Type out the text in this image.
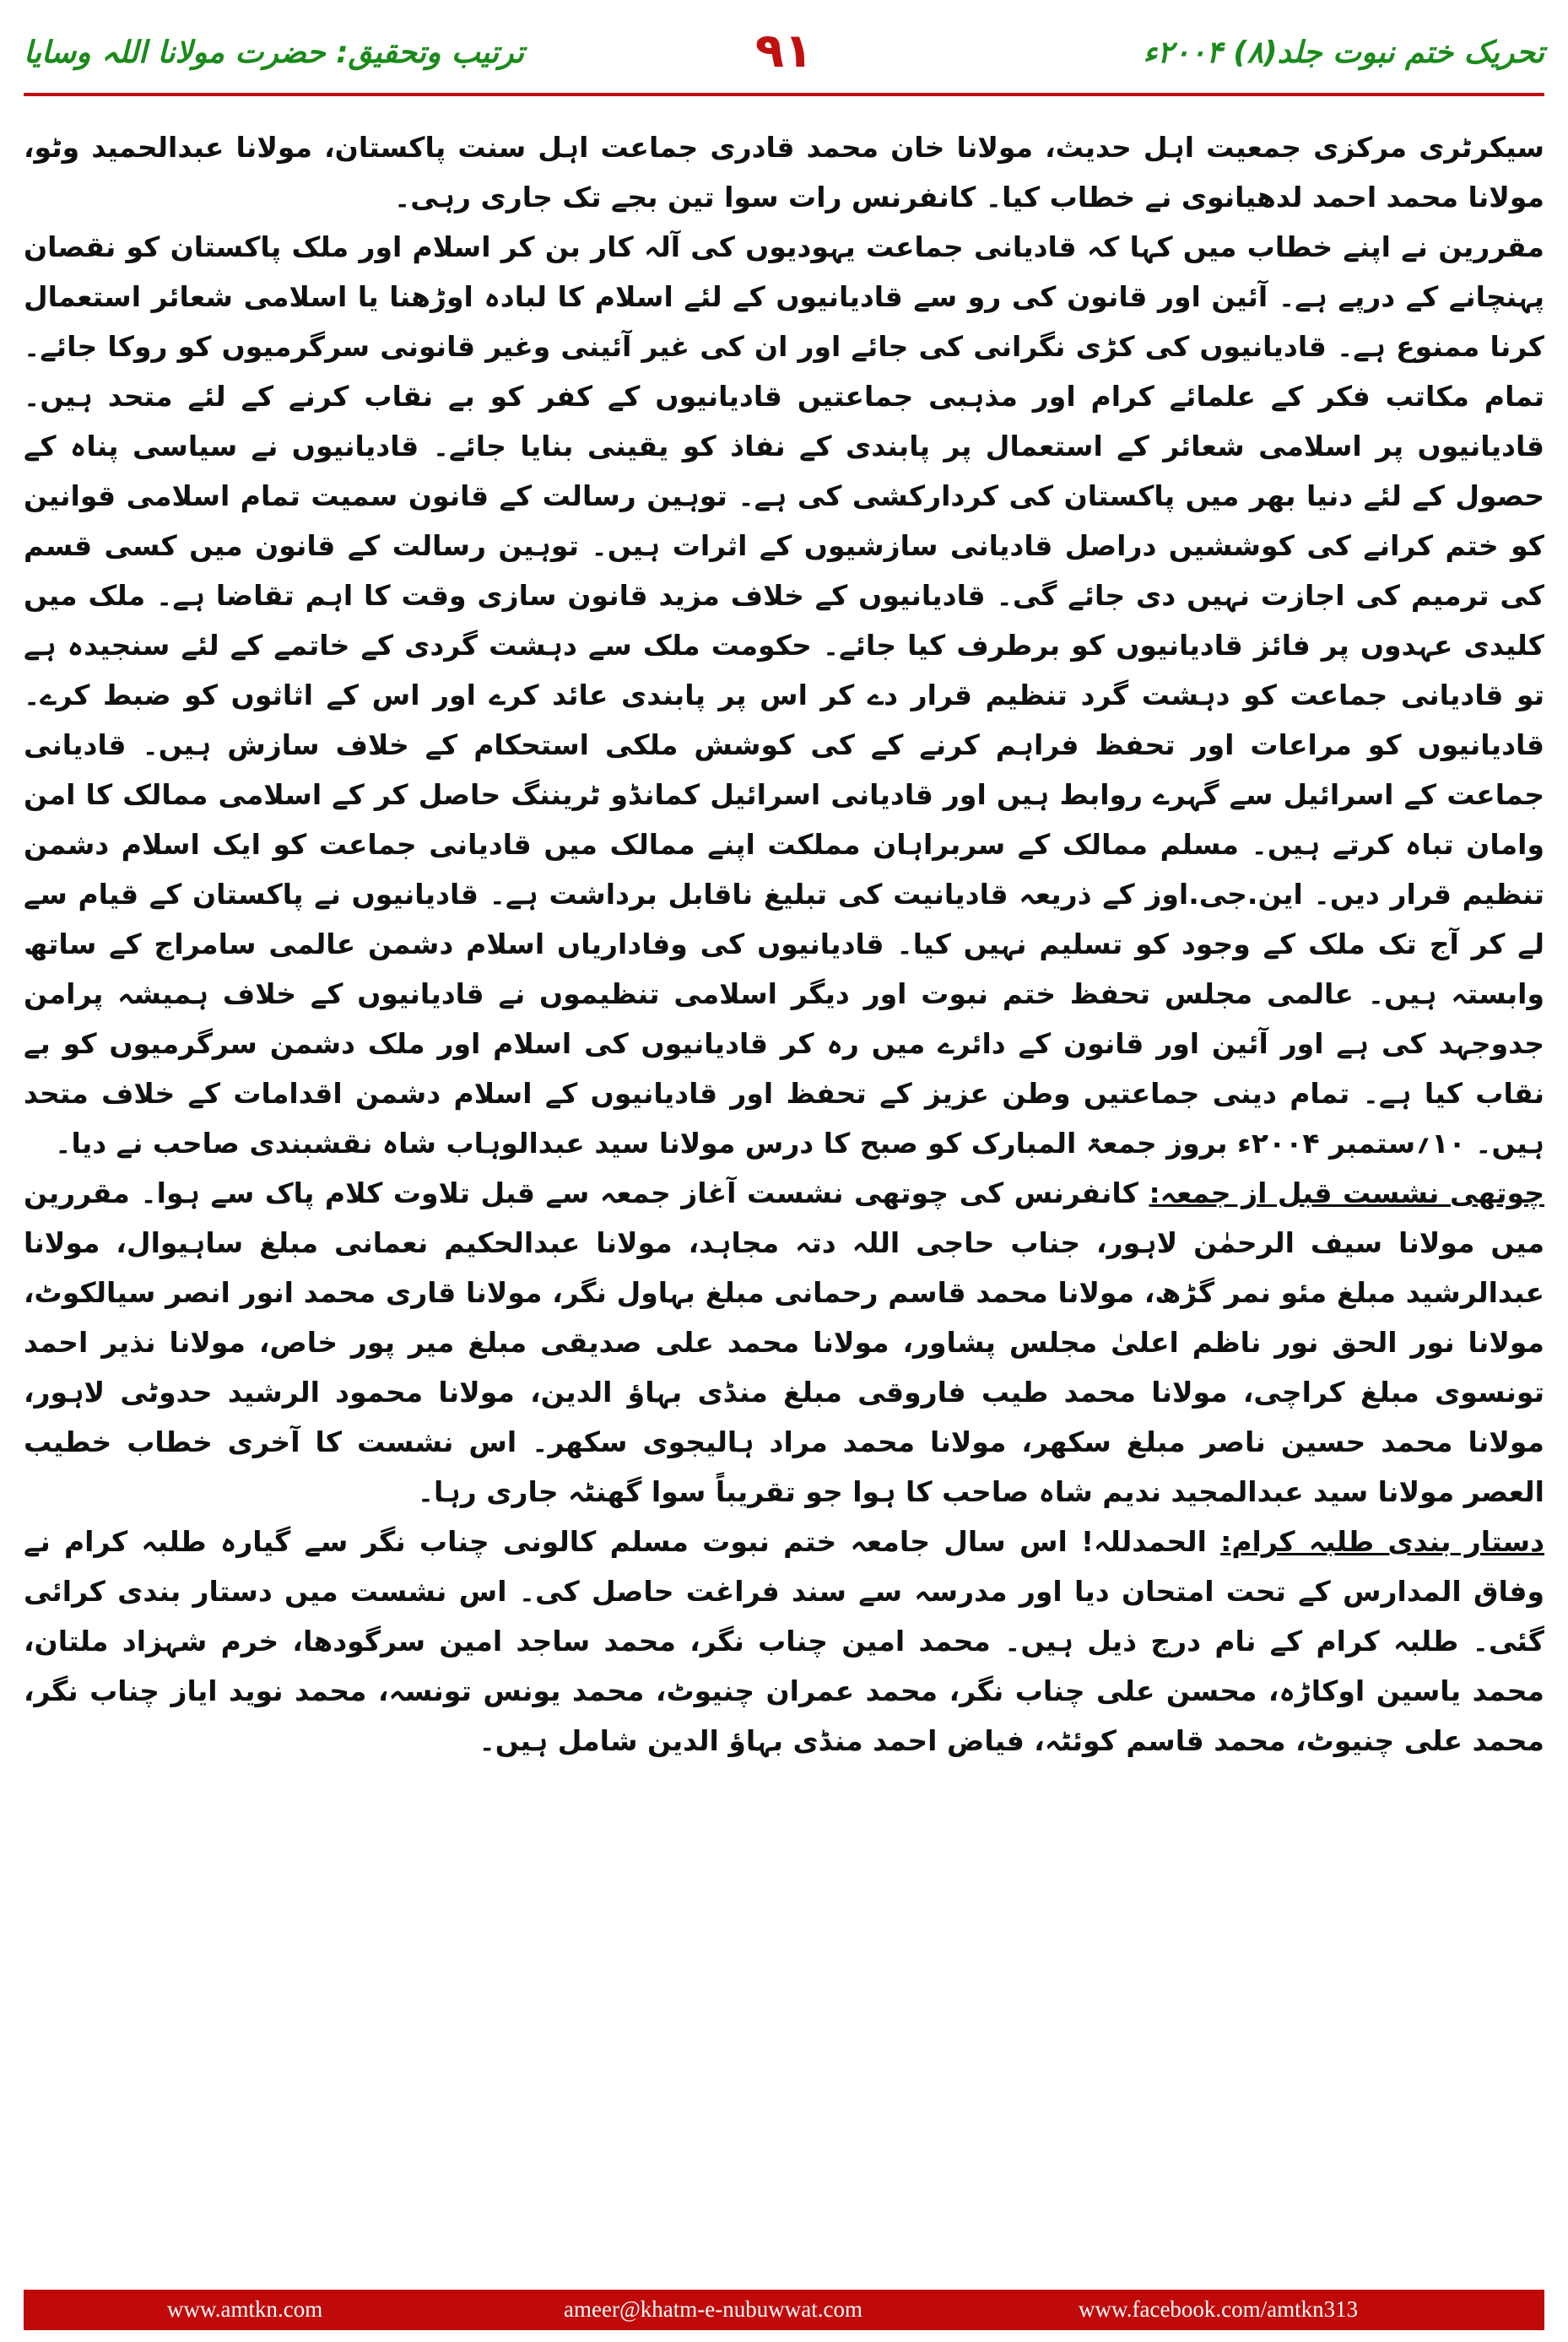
ترتیب وتحقیق: حضرت مولانا اللہ وسایا	۹۱	تحریک ختم نبوت جلد(۸) ۲۰۰۴ء

سیکرٹری مرکزی جمعیت اہل حدیث، مولانا خان محمد قادری جماعت اہل سنت پاکستان، مولانا عبدالحمید وٹو، مولانا محمد احمد لدھیانوی نے خطاب کیا۔ کانفرنس رات سوا تین بجے تک جاری رہی۔

مقررین نے اپنے خطاب میں کہا کہ قادیانی جماعت یہودیوں کی آلہ کار بن کر اسلام اور ملک پاکستان کو نقصان پہنچانے کے درپے ہے۔ آئین اور قانون کی رو سے قادیانیوں کے لئے اسلام کا لبادہ اوڑھنا یا اسلامی شعائر استعمال کرنا ممنوع ہے۔ قادیانیوں کی کڑی نگرانی کی جائے اور ان کی غیر آئینی وغیر قانونی سرگرمیوں کو روکا جائے۔ تمام مکاتب فکر کے علمائے کرام اور مذہبی جماعتیں قادیانیوں کے کفر کو بے نقاب کرنے کے لئے متحد ہیں۔ قادیانیوں پر اسلامی شعائر کے استعمال پر پابندی کے نفاذ کو یقینی بنایا جائے۔ قادیانیوں نے سیاسی پناہ کے حصول کے لئے دنیا بھر میں پاکستان کی کردارکشی کی ہے۔ توہین رسالت کے قانون سمیت تمام اسلامی قوانین کو ختم کرانے کی کوششیں دراصل قادیانی سازشیوں کے اثرات ہیں۔ توہین رسالت کے قانون میں کسی قسم کی ترمیم کی اجازت نہیں دی جائے گی۔ قادیانیوں کے خلاف مزید قانون سازی وقت کا اہم تقاضا ہے۔ ملک میں کلیدی عہدوں پر فائز قادیانیوں کو برطرف کیا جائے۔ حکومت ملک سے دہشت گردی کے خاتمے کے لئے سنجیدہ ہے تو قادیانی جماعت کو دہشت گرد تنظیم قرار دے کر اس پر پابندی عائد کرے اور اس کے اثاثوں کو ضبط کرے۔ قادیانیوں کو مراعات اور تحفظ فراہم کرنے کے کی کوشش ملکی استحکام کے خلاف سازش ہیں۔ قادیانی جماعت کے اسرائیل سے گہرے روابط ہیں اور قادیانی اسرائیل کمانڈو ٹریننگ حاصل کر کے اسلامی ممالک کا امن وامان تباہ کرتے ہیں۔ مسلم ممالک کے سربراہان مملکت اپنے ممالک میں قادیانی جماعت کو ایک اسلام دشمن تنظیم قرار دیں۔ این.جی.اوز کے ذریعہ قادیانیت کی تبلیغ ناقابل برداشت ہے۔ قادیانیوں نے پاکستان کے قیام سے لے کر آج تک ملک کے وجود کو تسلیم نہیں کیا۔ قادیانیوں کی وفاداریاں اسلام دشمن عالمی سامراج کے ساتھ وابستہ ہیں۔ عالمی مجلس تحفظ ختم نبوت اور دیگر اسلامی تنظیموں نے قادیانیوں کے خلاف ہمیشہ پرامن جدوجہد کی ہے اور آئین اور قانون کے دائرے میں رہ کر قادیانیوں کی اسلام اور ملک دشمن سرگرمیوں کو بے نقاب کیا ہے۔ تمام دینی جماعتیں وطن عزیز کے تحفظ اور قادیانیوں کے اسلام دشمن اقدامات کے خلاف متحد ہیں۔ ۱۰؍ستمبر ۲۰۰۴ء بروز جمعۃ المبارک کو صبح کا درس مولانا سید عبدالوہاب شاہ نقشبندی صاحب نے دیا۔

چوتھی نشست قبل از جمعہ: کانفرنس کی چوتھی نشست آغاز جمعہ سے قبل تلاوت کلام پاک سے ہوا۔ مقررین میں مولانا سیف الرحمٰن لاہور، جناب حاجی اللہ دتہ مجاہد، مولانا عبدالحکیم نعمانی مبلغ ساہیوال، مولانا عبدالرشید مبلغ مئو نمر گڑھ، مولانا محمد قاسم رحمانی مبلغ بہاول نگر، مولانا قاری محمد انور انصر سیالکوٹ، مولانا نور الحق نور ناظم اعلیٰ مجلس پشاور، مولانا محمد علی صدیقی مبلغ میر پور خاص، مولانا نذیر احمد تونسوی مبلغ کراچی، مولانا محمد طیب فاروقی مبلغ منڈی بہاؤ الدین، مولانا محمود الرشید حدوٹی لاہور، مولانا محمد حسین ناصر مبلغ سکھر، مولانا محمد مراد ہالیجوی سکھر۔ اس نشست کا آخری خطاب خطیب العصر مولانا سید عبدالمجید ندیم شاہ صاحب کا ہوا جو تقریباً سوا گھنٹہ جاری رہا۔

دستار بندی طلبہ کرام: الحمدللہ! اس سال جامعہ ختم نبوت مسلم کالونی چناب نگر سے گیارہ طلبہ کرام نے وفاق المدارس کے تحت امتحان دیا اور مدرسہ سے سند فراغت حاصل کی۔ اس نشست میں دستار بندی کرائی گئی۔ طلبہ کرام کے نام درج ذیل ہیں۔ محمد امین چناب نگر، محمد ساجد امین سرگودھا، خرم شہزاد ملتان، محمد یاسین اوکاڑہ، محسن علی چناب نگر، محمد عمران چنیوٹ، محمد یونس تونسہ، محمد نوید ایاز چناب نگر، محمد علی چنیوٹ، محمد قاسم کوئٹہ، فیاض احمد منڈی بہاؤ الدین شامل ہیں۔

www.amtkn.com	ameer@khatm-e-nubuwwat.com	www.facebook.com/amtkn313
